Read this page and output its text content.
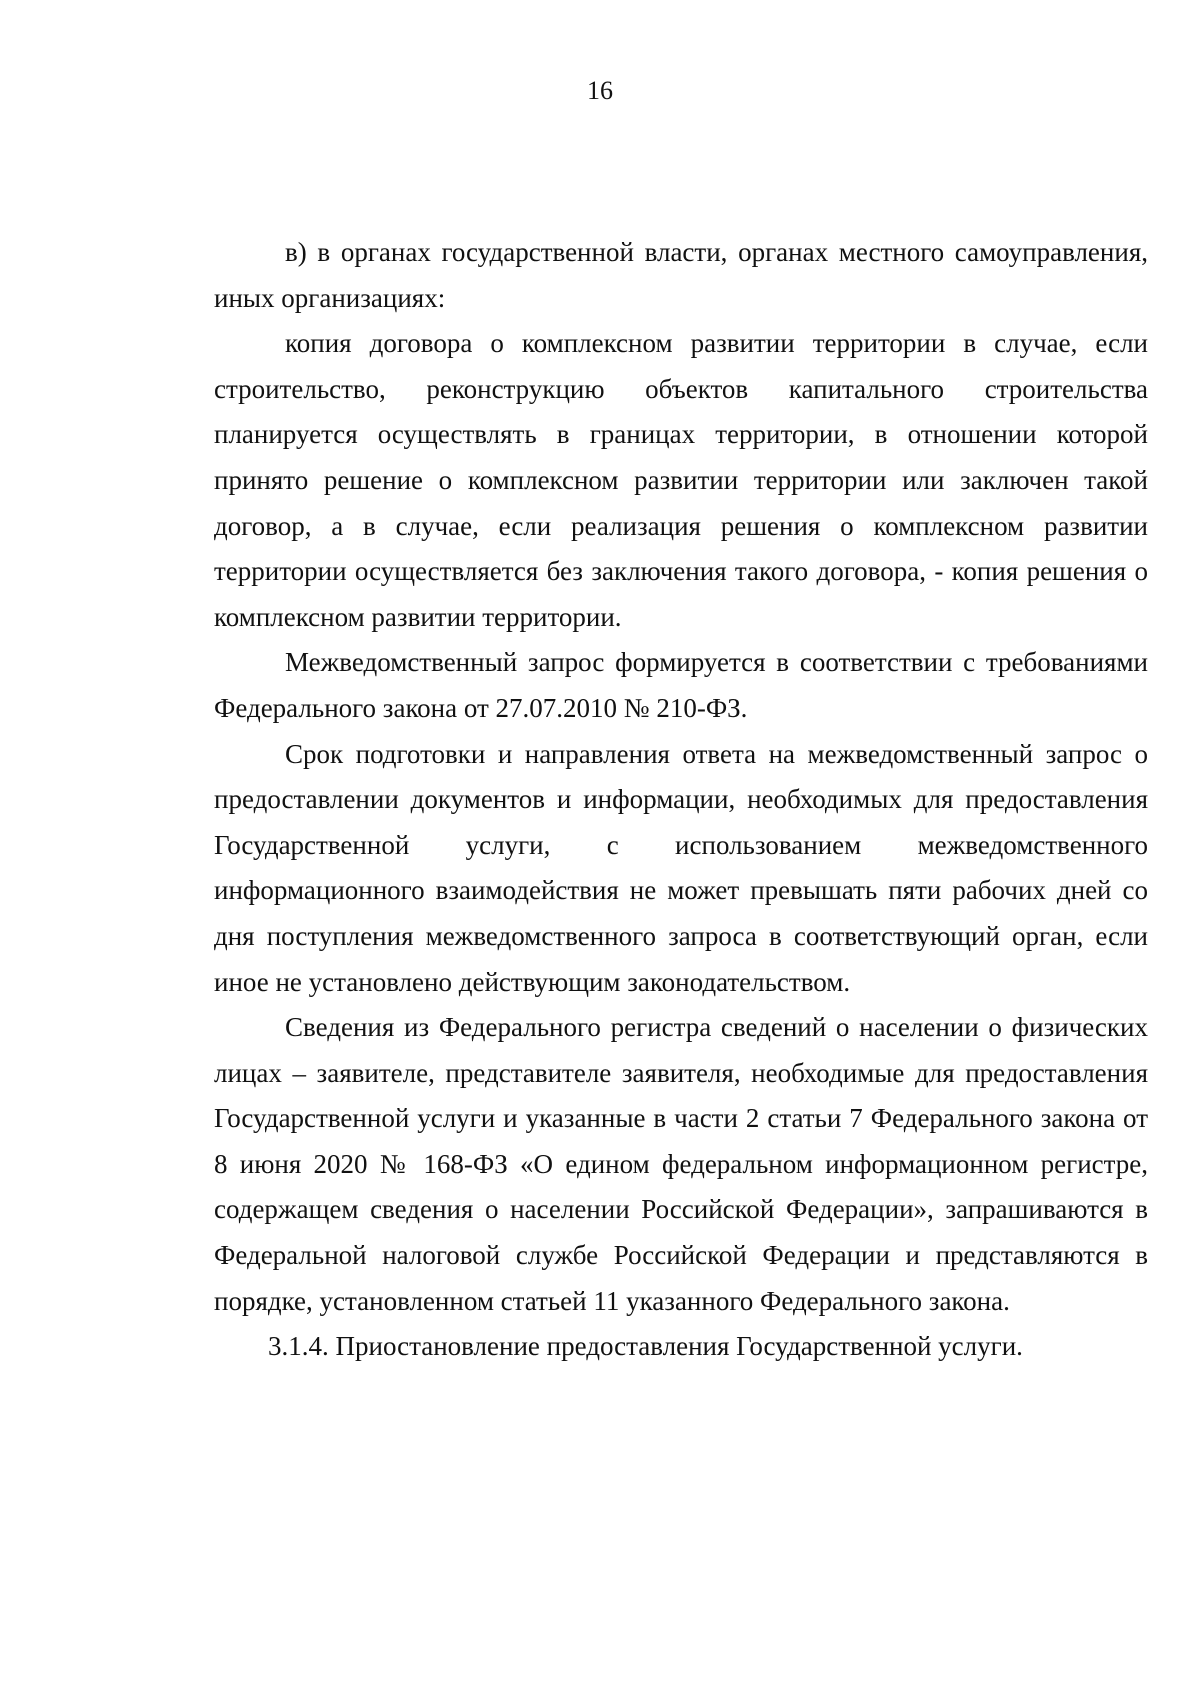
16

в) в органах государственной власти, органах местного самоуправления, иных организациях:

копия договора о комплексном развитии территории в случае, если строительство, реконструкцию объектов капитального строительства планируется осуществлять в границах территории, в отношении которой принято решение о комплексном развитии территории или заключен такой договор, а в случае, если реализация решения о комплексном развитии территории осуществляется без заключения такого договора, - копия решения о комплексном развитии территории.

Межведомственный запрос формируется в соответствии с требованиями Федерального закона от 27.07.2010 № 210-ФЗ.

Срок подготовки и направления ответа на межведомственный запрос о предоставлении документов и информации, необходимых для предоставления Государственной услуги, с использованием межведомственного информационного взаимодействия не может превышать пяти рабочих дней со дня поступления межведомственного запроса в соответствующий орган, если иное не установлено действующим законодательством.

Сведения из Федерального регистра сведений о населении о физических лицах – заявителе, представителе заявителя, необходимые для предоставления Государственной услуги и указанные в части 2 статьи 7 Федерального закона от 8 июня 2020 № 168-ФЗ «О едином федеральном информационном регистре, содержащем сведения о населении Российской Федерации», запрашиваются в Федеральной налоговой службе Российской Федерации и представляются в порядке, установленном статьей 11 указанного Федерального закона.

3.1.4. Приостановление предоставления Государственной услуги.
